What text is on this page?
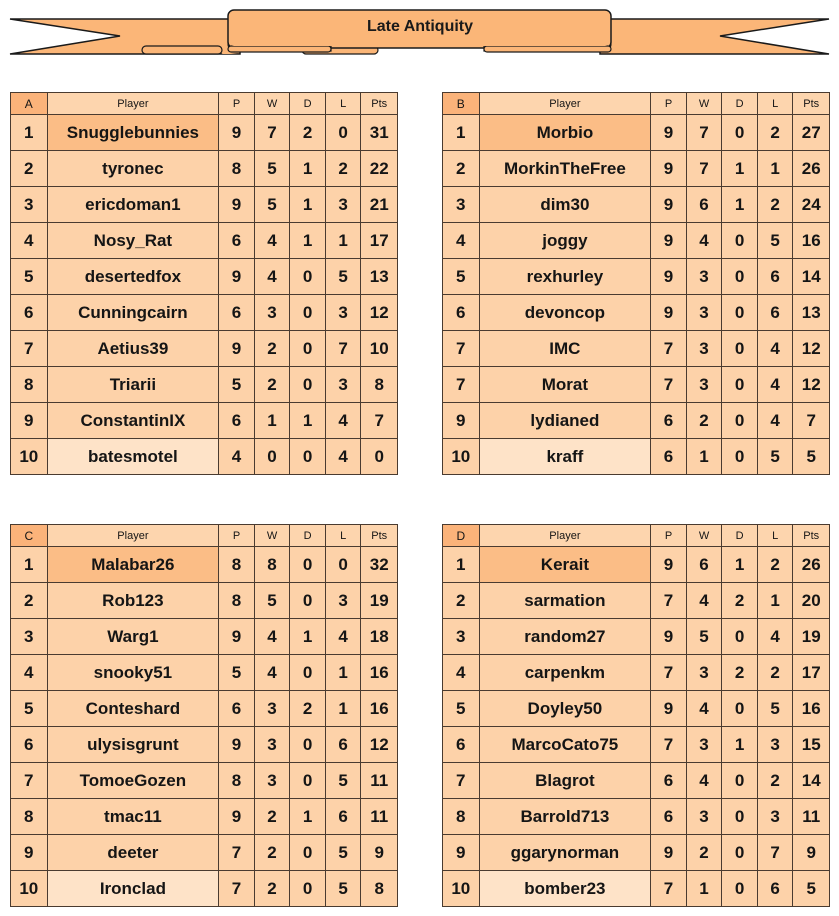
Late Antiquity
A	Player	P	W	D	L	Pts
1	Snugglebunnies	9	7	2	0	31
2	tyronec	8	5	1	2	22
3	ericdoman1	9	5	1	3	21
4	Nosy_Rat	6	4	1	1	17
5	desertedfox	9	4	0	5	13
6	Cunningcairn	6	3	0	3	12
7	Aetius39	9	2	0	7	10
8	Triarii	5	2	0	3	8
9	ConstantinIX	6	1	1	4	7
10	batesmotel	4	0	0	4	0
B	Player	P	W	D	L	Pts
1	Morbio	9	7	0	2	27
2	MorkinTheFree	9	7	1	1	26
3	dim30	9	6	1	2	24
4	joggy	9	4	0	5	16
5	rexhurley	9	3	0	6	14
6	devoncop	9	3	0	6	13
7	IMC	7	3	0	4	12
7	Morat	7	3	0	4	12
9	lydianed	6	2	0	4	7
10	kraff	6	1	0	5	5
C	Player	P	W	D	L	Pts
1	Malabar26	8	8	0	0	32
2	Rob123	8	5	0	3	19
3	Warg1	9	4	1	4	18
4	snooky51	5	4	0	1	16
5	Conteshard	6	3	2	1	16
6	ulysisgrunt	9	3	0	6	12
7	TomoeGozen	8	3	0	5	11
8	tmac11	9	2	1	6	11
9	deeter	7	2	0	5	9
10	Ironclad	7	2	0	5	8
D	Player	P	W	D	L	Pts
1	Kerait	9	6	1	2	26
2	sarmation	7	4	2	1	20
3	random27	9	5	0	4	19
4	carpenkm	7	3	2	2	17
5	Doyley50	9	4	0	5	16
6	MarcoCato75	7	3	1	3	15
7	Blagrot	6	4	0	2	14
8	Barrold713	6	3	0	3	11
9	ggarynorman	9	2	0	7	9
10	bomber23	7	1	0	6	5
